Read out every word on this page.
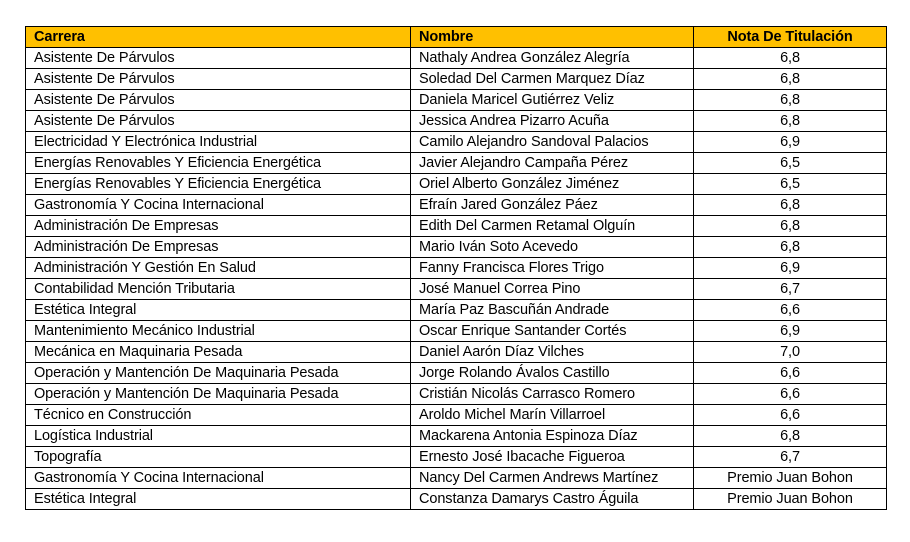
Carrera	Nombre	Nota De Titulación
Asistente De Párvulos	Nathaly Andrea González Alegría	6,8
Asistente De Párvulos	Soledad Del Carmen Marquez Díaz	6,8
Asistente De Párvulos	Daniela Maricel Gutiérrez Veliz	6,8
Asistente De Párvulos	Jessica Andrea Pizarro Acuña	6,8
Electricidad Y Electrónica Industrial	Camilo Alejandro Sandoval Palacios	6,9
Energías Renovables Y Eficiencia Energética	Javier Alejandro Campaña Pérez	6,5
Energías Renovables Y Eficiencia Energética	Oriel Alberto González Jiménez	6,5
Gastronomía Y Cocina Internacional	Efraín Jared González Páez	6,8
Administración De Empresas	Edith Del Carmen Retamal Olguín	6,8
Administración De Empresas	Mario Iván Soto Acevedo	6,8
Administración Y Gestión En Salud	Fanny Francisca Flores Trigo	6,9
Contabilidad Mención Tributaria	José Manuel Correa Pino	6,7
Estética Integral	María Paz Bascuñán Andrade	6,6
Mantenimiento Mecánico Industrial	Oscar Enrique Santander Cortés	6,9
Mecánica en Maquinaria Pesada	Daniel Aarón Díaz Vilches	7,0
Operación y Mantención De Maquinaria Pesada	Jorge Rolando Ávalos Castillo	6,6
Operación y Mantención De Maquinaria Pesada	Cristián Nicolás Carrasco Romero	6,6
Técnico en Construcción	Aroldo Michel Marín Villarroel	6,6
Logística Industrial	Mackarena Antonia Espinoza Díaz	6,8
Topografía	Ernesto José Ibacache Figueroa	6,7
Gastronomía Y Cocina Internacional	Nancy Del Carmen Andrews Martínez	Premio Juan Bohon
Estética Integral	Constanza Damarys Castro Águila	Premio Juan Bohon
